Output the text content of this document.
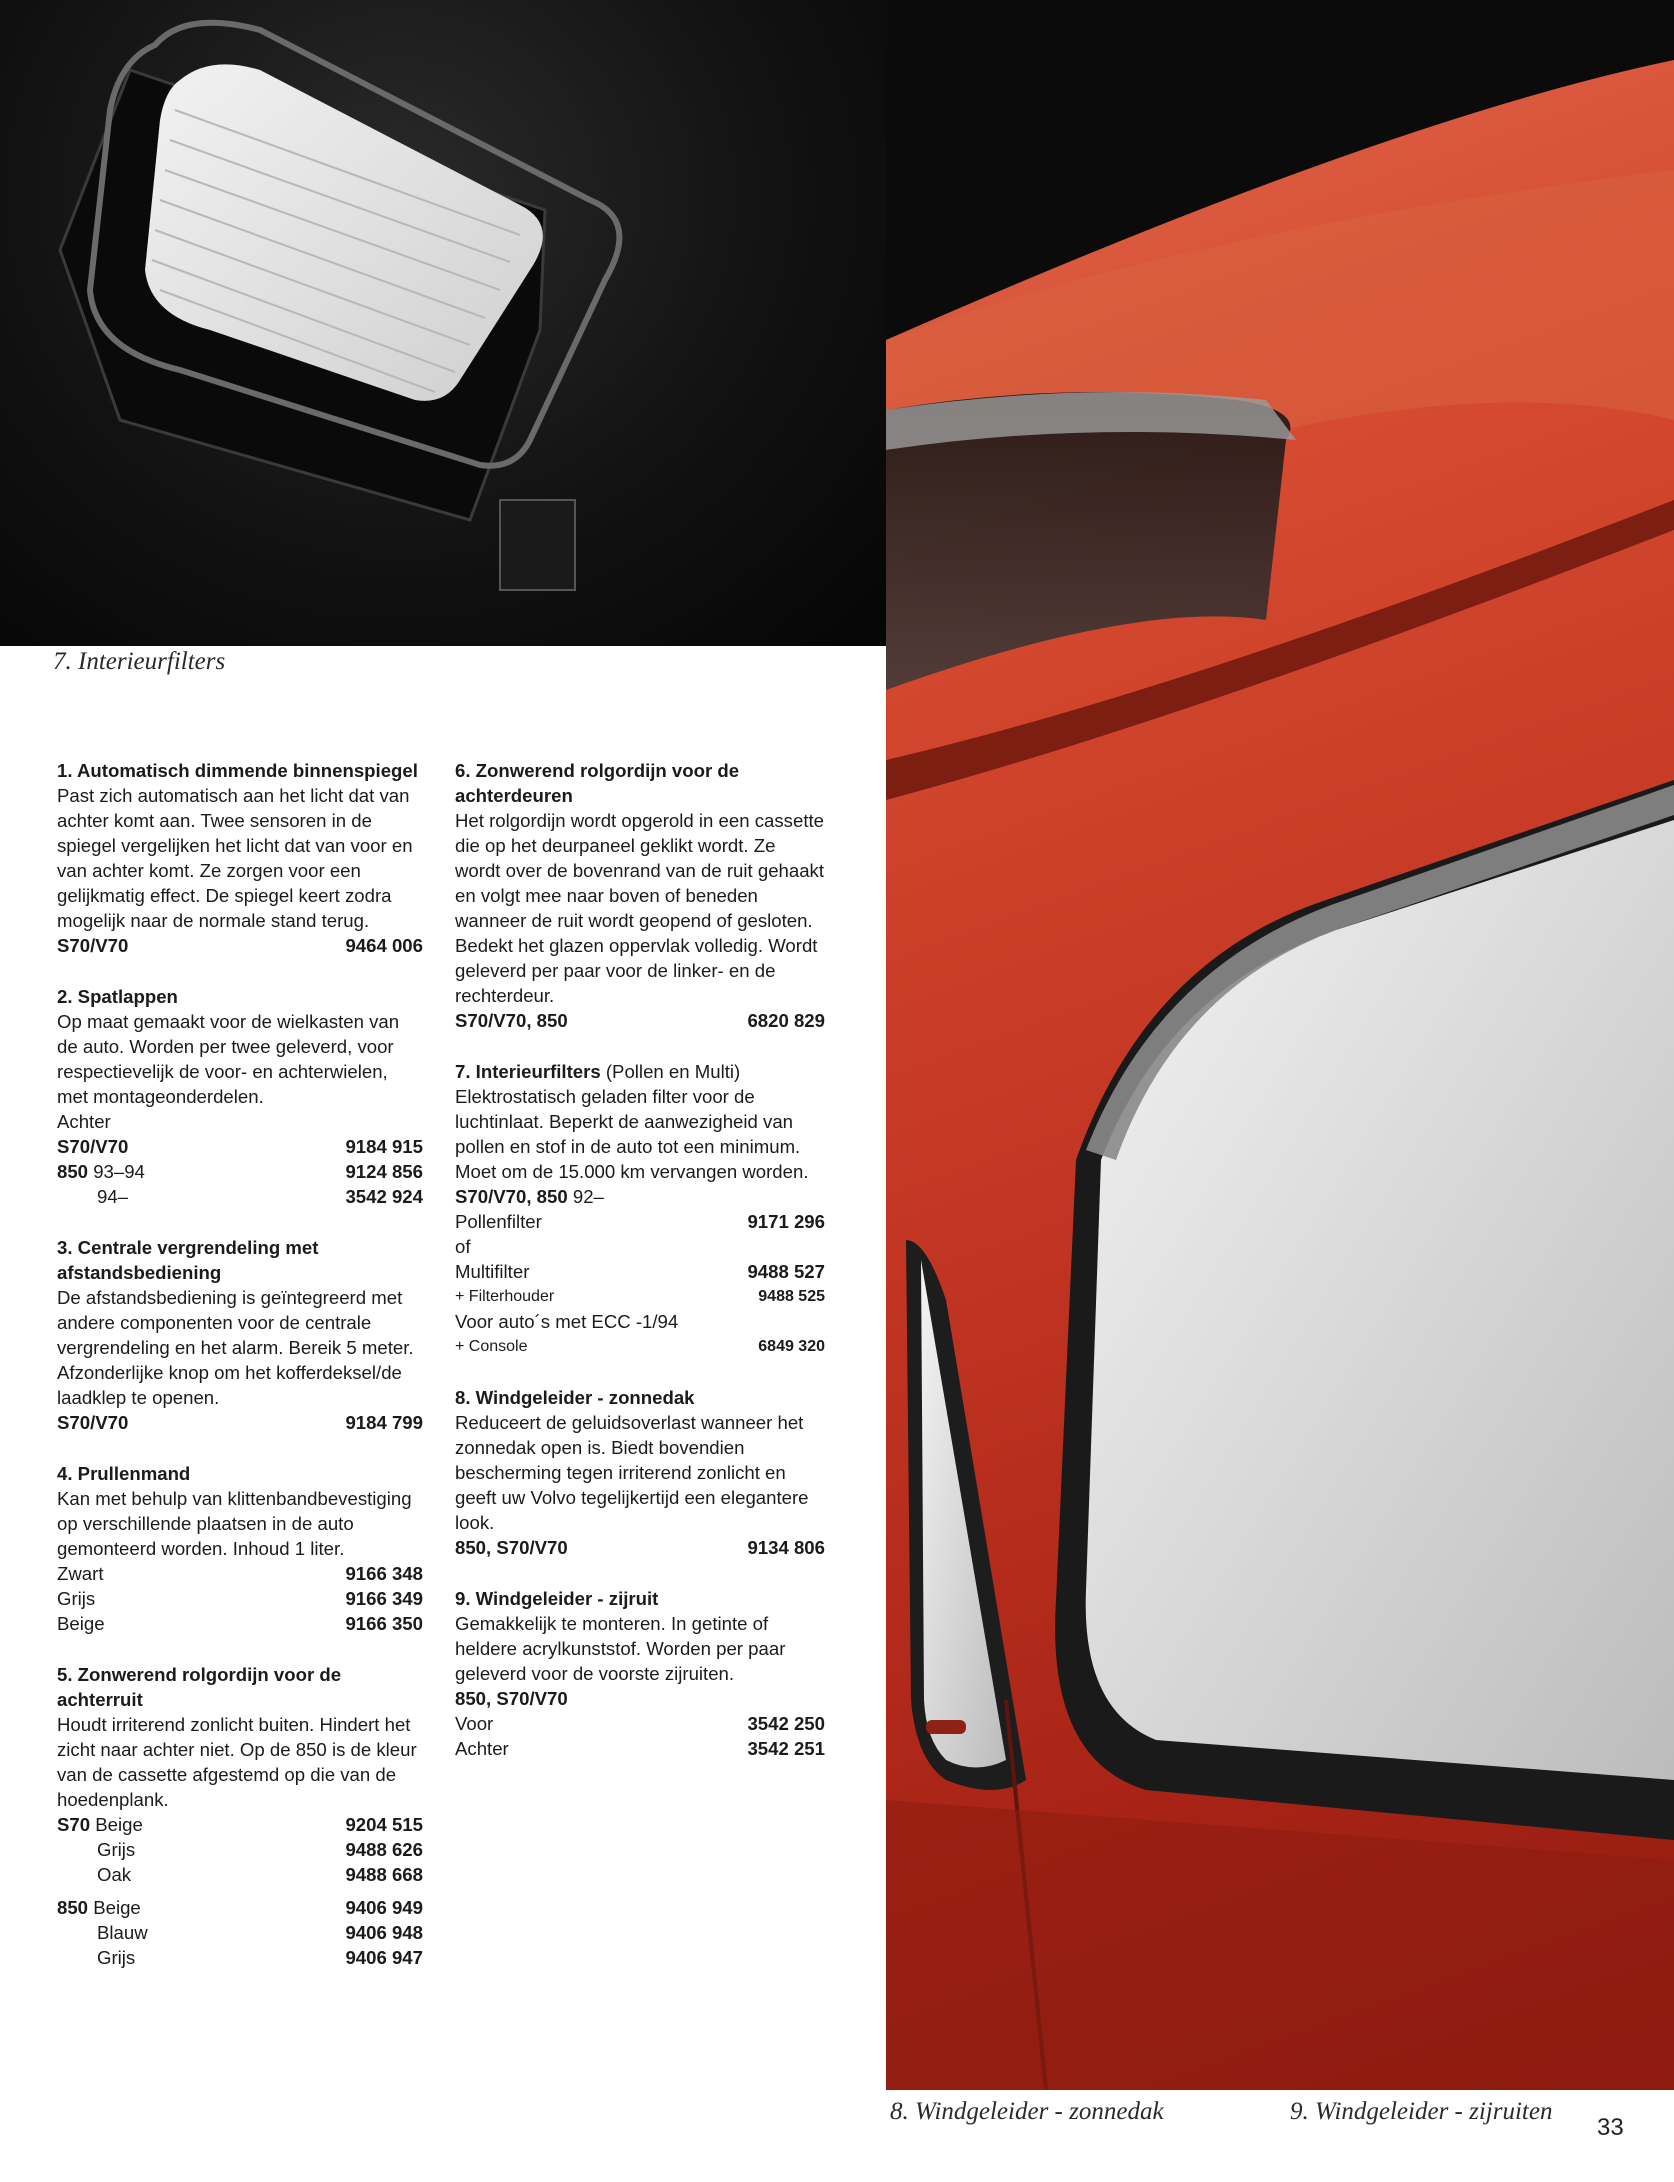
7. Interieurfilters
8. Windgeleider - zonnedak	9. Windgeleider - zijruiten
33
1. Automatisch dimmende binnenspiegel
Past zich automatisch aan het licht dat van achter komt aan. Twee sensoren in de spiegel vergelijken het licht dat van voor en van achter komt. Ze zorgen voor een gelijkmatig effect. De spiegel keert zodra mogelijk naar de normale stand terug.
S70/V70	9464 006
2. Spatlappen
Op maat gemaakt voor de wielkasten van de auto. Worden per twee geleverd, voor respectievelijk de voor- en achterwielen, met montageonderdelen.
Achter
S70/V70	9184 915
850 93–94	9124 856
94–	3542 924
3. Centrale vergrendeling met afstandsbediening
De afstandsbediening is geïntegreerd met andere componenten voor de centrale vergrendeling en het alarm. Bereik 5 meter. Afzonderlijke knop om het kofferdeksel/de laadklep te openen.
S70/V70	9184 799
4. Prullenmand
Kan met behulp van klittenbandbevestiging op verschillende plaatsen in de auto gemonteerd worden. Inhoud 1 liter.
Zwart	9166 348
Grijs	9166 349
Beige	9166 350
5. Zonwerend rolgordijn voor de achterruit
Houdt irriterend zonlicht buiten. Hindert het zicht naar achter niet. Op de 850 is de kleur van de cassette afgestemd op die van de hoedenplank.
S70 Beige	9204 515
Grijs	9488 626
Oak	9488 668
850 Beige	9406 949
Blauw	9406 948
Grijs	9406 947
6. Zonwerend rolgordijn voor de achterdeuren
Het rolgordijn wordt opgerold in een cassette die op het deurpaneel geklikt wordt. Ze wordt over de bovenrand van de ruit gehaakt en volgt mee naar boven of beneden wanneer de ruit wordt geopend of gesloten. Bedekt het glazen oppervlak volledig. Wordt geleverd per paar voor de linker- en de rechterdeur.
S70/V70, 850	6820 829
7. Interieurfilters (Pollen en Multi)
Elektrostatisch geladen filter voor de luchtinlaat. Beperkt de aanwezigheid van pollen en stof in de auto tot een minimum. Moet om de 15.000 km vervangen worden.
S70/V70, 850 92–
Pollenfilter	9171 296
of
Multifilter	9488 527
+ Filterhouder	9488 525
Voor auto´s met ECC -1/94
+ Console	6849 320
8. Windgeleider - zonnedak
Reduceert de geluidsoverlast wanneer het zonnedak open is. Biedt bovendien bescherming tegen irriterend zonlicht en geeft uw Volvo tegelijkertijd een elegantere look.
850, S70/V70	9134 806
9. Windgeleider - zijruit
Gemakkelijk te monteren. In getinte of heldere acrylkunststof. Worden per paar geleverd voor de voorste zijruiten.
850, S70/V70
Voor	3542 250
Achter	3542 251
